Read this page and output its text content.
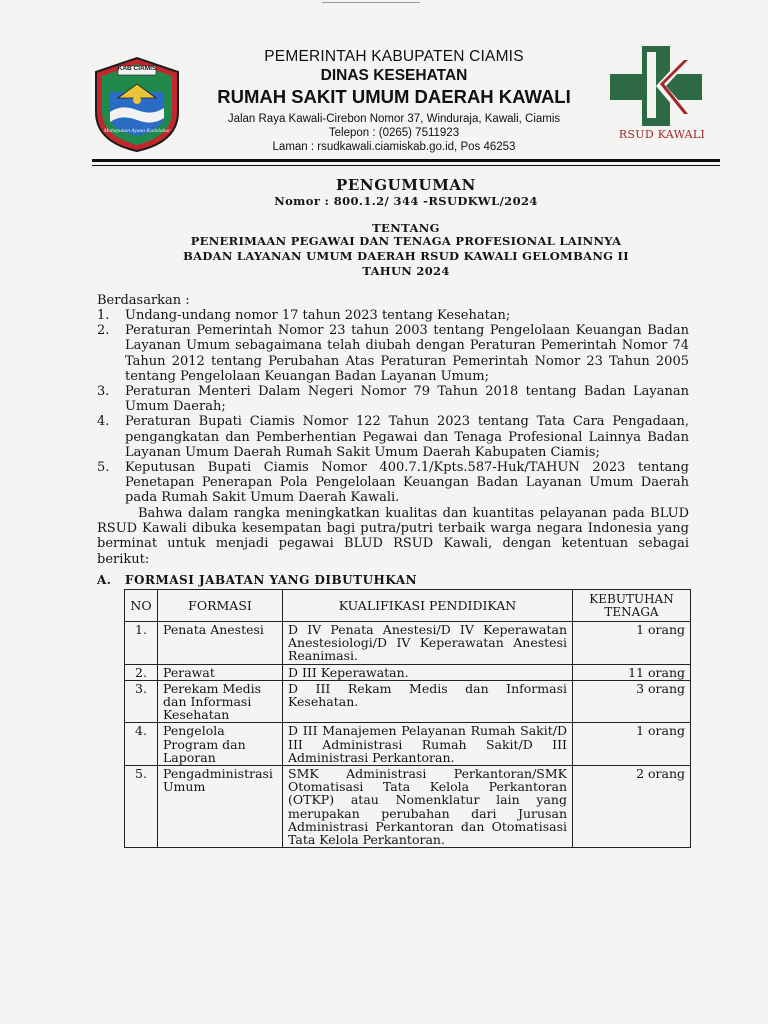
KAB CIAMIS
Mahayunan Ayuna Kadaluhur
PEMERINTAH KABUPATEN CIAMIS
DINAS KESEHATAN
RUMAH SAKIT UMUM DAERAH KAWALI
Jalan Raya Kawali-Cirebon Nomor 37, Winduraja, Kawali, Ciamis
Telepon : (0265) 7511923
Laman : rsudkawali.ciamiskab.go.id, Pos 46253
RSUD KAWALI
PENGUMUMAN
Nomor : 800.1.2/ 344 -RSUDKWL/2024
TENTANG
PENERIMAAN PEGAWAI DAN TENAGA PROFESIONAL LAINNYA
BADAN LAYANAN UMUM DAERAH RSUD KAWALI GELOMBANG II
TAHUN 2024
Berdasarkan :
1.	Undang-undang nomor 17 tahun 2023 tentang Kesehatan;
2.	Peraturan Pemerintah Nomor 23 tahun 2003 tentang Pengelolaan Keuangan Badan Layanan Umum sebagaimana telah diubah dengan Peraturan Pemerintah Nomor 74 Tahun 2012 tentang Perubahan Atas Peraturan Pemerintah Nomor 23 Tahun 2005 tentang Pengelolaan Keuangan Badan Layanan Umum;
3.	Peraturan Menteri Dalam Negeri Nomor 79 Tahun 2018 tentang Badan Layanan Umum Daerah;
4.	Peraturan Bupati Ciamis Nomor 122 Tahun 2023 tentang Tata Cara Pengadaan, pengangkatan dan Pemberhentian Pegawai dan Tenaga Profesional Lainnya Badan Layanan Umum Daerah Rumah Sakit Umum Daerah Kabupaten Ciamis;
5.	Keputusan Bupati Ciamis Nomor 400.7.1/Kpts.587-Huk/TAHUN 2023 tentang Penetapan Penerapan Pola Pengelolaan Keuangan Badan Layanan Umum Daerah pada Rumah Sakit Umum Daerah Kawali.
Bahwa dalam rangka meningkatkan kualitas dan kuantitas pelayanan pada BLUD RSUD Kawali dibuka kesempatan bagi putra/putri terbaik warga negara Indonesia yang berminat untuk menjadi pegawai BLUD RSUD Kawali, dengan ketentuan sebagai berikut:
A. FORMASI JABATAN YANG DIBUTUHKAN
NO	FORMASI	KUALIFIKASI PENDIDIKAN	KEBUTUHAN TENAGA
1.	Penata Anestesi	D IV Penata Anestesi/D IV Keperawatan Anestesiologi/D IV Keperawatan Anestesi Reanimasi.	1 orang
2.	Perawat	D III Keperawatan.	11 orang
3.	Perekam Medis dan Informasi Kesehatan	D III Rekam Medis dan Informasi Kesehatan.	3 orang
4.	Pengelola Program dan Laporan	D III Manajemen Pelayanan Rumah Sakit/D III Administrasi Rumah Sakit/D III Administrasi Perkantoran.	1 orang
5.	Pengadministrasi Umum	SMK Administrasi Perkantoran/SMK Otomatisasi Tata Kelola Perkantoran (OTKP) atau Nomenklatur lain yang merupakan perubahan dari Jurusan Administrasi Perkantoran dan Otomatisasi Tata Kelola Perkantoran.	2 orang
